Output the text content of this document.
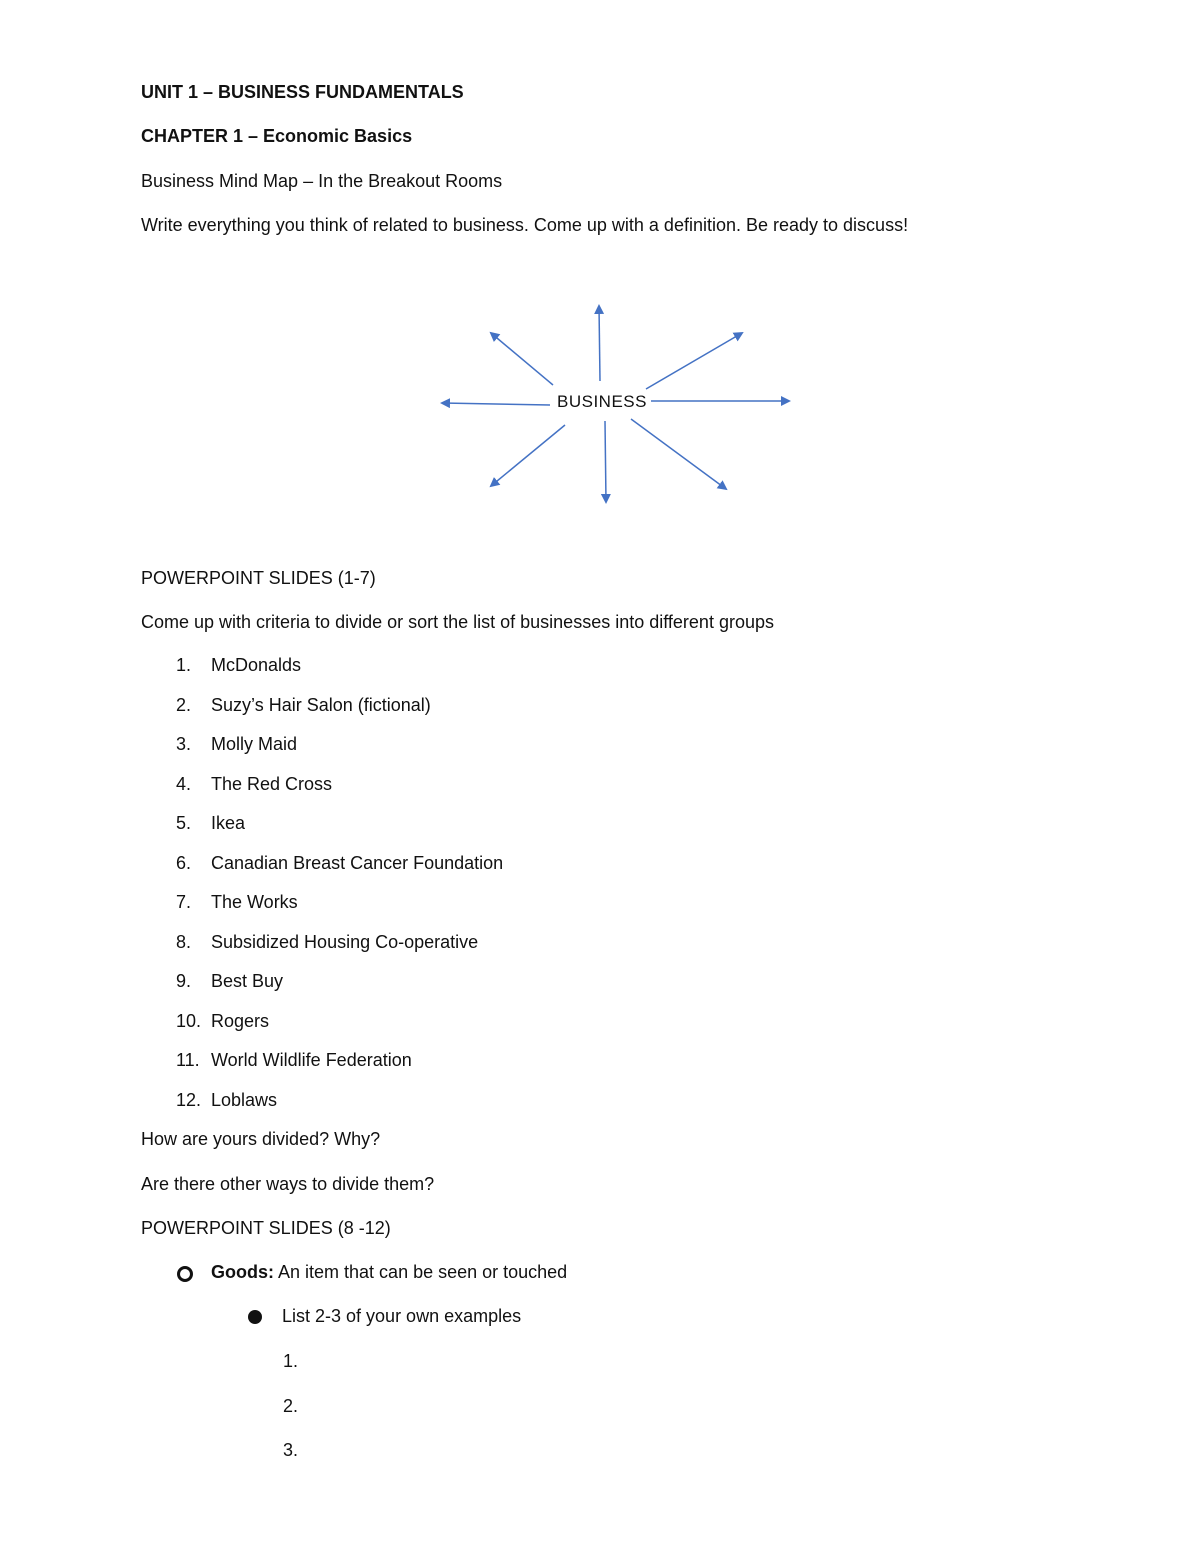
UNIT 1 – BUSINESS FUNDAMENTALS
CHAPTER 1 – Economic Basics
Business Mind Map – In the Breakout Rooms
Write everything you think of related to business. Come up with a definition. Be ready to discuss!
BUSINESS
POWERPOINT SLIDES (1-7)
Come up with criteria to divide or sort the list of businesses into different groups
1. McDonalds
2. Suzy’s Hair Salon (fictional)
3. Molly Maid
4. The Red Cross
5. Ikea
6. Canadian Breast Cancer Foundation
7. The Works
8. Subsidized Housing Co-operative
9. Best Buy
10. Rogers
11. World Wildlife Federation
12. Loblaws
How are yours divided? Why?
Are there other ways to divide them?
POWERPOINT SLIDES (8 -12)
Goods: An item that can be seen or touched
List 2-3 of your own examples
1.
2.
3.
